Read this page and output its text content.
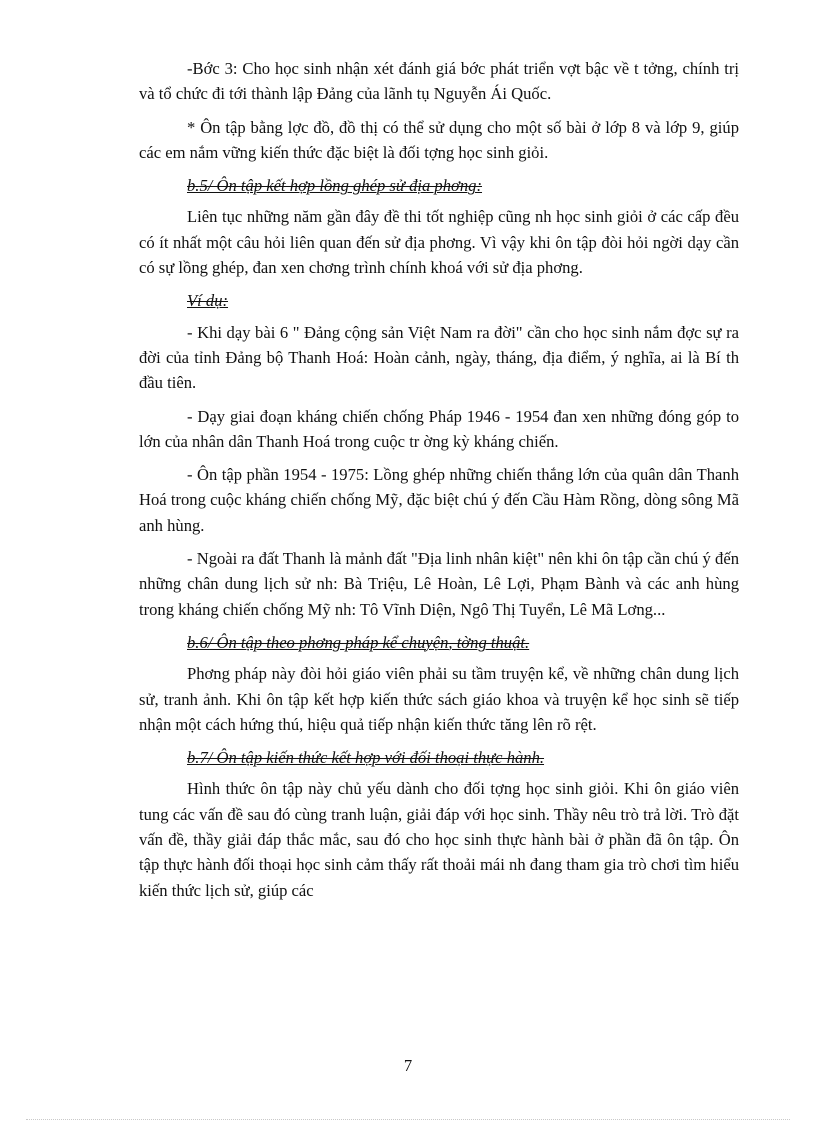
-Bớc 3: Cho học sinh nhận xét đánh giá bớc phát triển vợt bậc về t tởng, chính trị và tổ chức đi tới thành lập Đảng của lãnh tụ Nguyễn Ái Quốc.

* Ôn tập bằng lợc đồ, đồ thị có thể sử dụng cho một số bài ở lớp 8 và lớp 9, giúp các em nắm vững kiến thức đặc biệt là đối tợng học sinh giỏi.

b.5/ Ôn tập kết hợp lồng ghép sử địa phơng:

Liên tục những năm gần đây đề thi tốt nghiệp cũng nh học sinh giỏi ở các cấp đều có ít nhất một câu hỏi liên quan đến sử địa phơng. Vì vậy khi ôn tập đòi hỏi ngời dạy cần có sự lồng ghép, đan xen chơng trình chính khoá với sử địa phơng.

Ví dụ:

- Khi dạy bài 6 " Đảng cộng sản Việt Nam ra đời" cần cho học sinh nắm đợc sự ra đời của tỉnh Đảng bộ Thanh Hoá: Hoàn cảnh, ngày, tháng, địa điểm, ý nghĩa, ai là Bí th đầu tiên.

- Dạy giai đoạn kháng chiến chống Pháp 1946 - 1954 đan xen những đóng góp to lớn của nhân dân Thanh Hoá trong cuộc tr ờng kỳ kháng chiến.

- Ôn tập phần 1954 - 1975: Lồng ghép những chiến thắng lớn của quân dân Thanh Hoá trong cuộc kháng chiến chống Mỹ, đặc biệt chú ý đến Cầu Hàm Rồng, dòng sông Mã anh hùng.

- Ngoài ra đất Thanh là mảnh đất "Địa linh nhân kiệt" nên khi ôn tập cần chú ý đến những chân dung lịch sử nh: Bà Triệu, Lê Hoàn, Lê Lợi, Phạm Bành và các anh hùng trong kháng chiến chống Mỹ nh: Tô Vĩnh Diện, Ngô Thị Tuyển, Lê Mã Lơng...

b.6/ Ôn tập theo phơng pháp kể chuyện, tờng thuật.

Phơng pháp này đòi hỏi giáo viên phải su tầm truyện kể, về những chân dung lịch sử, tranh ảnh. Khi ôn tập kết hợp kiến thức sách giáo khoa và truyện kể học sinh sẽ tiếp nhận một cách hứng thú, hiệu quả tiếp nhận kiến thức tăng lên rõ rệt.

b.7/ Ôn tập kiến thức kết hợp với đối thoại thực hành.

Hình thức ôn tập này chủ yếu dành cho đối tợng học sinh giỏi. Khi ôn giáo viên tung các vấn đề sau đó cùng tranh luận, giải đáp với học sinh. Thầy nêu trò trả lời. Trò đặt vấn đề, thầy giải đáp thắc mắc, sau đó cho học sinh thực hành bài ở phần đã ôn tập. Ôn tập thực hành đối thoại học sinh cảm thấy rất thoải mái nh đang tham gia trò chơi tìm hiểu kiến thức lịch sử, giúp các

7
